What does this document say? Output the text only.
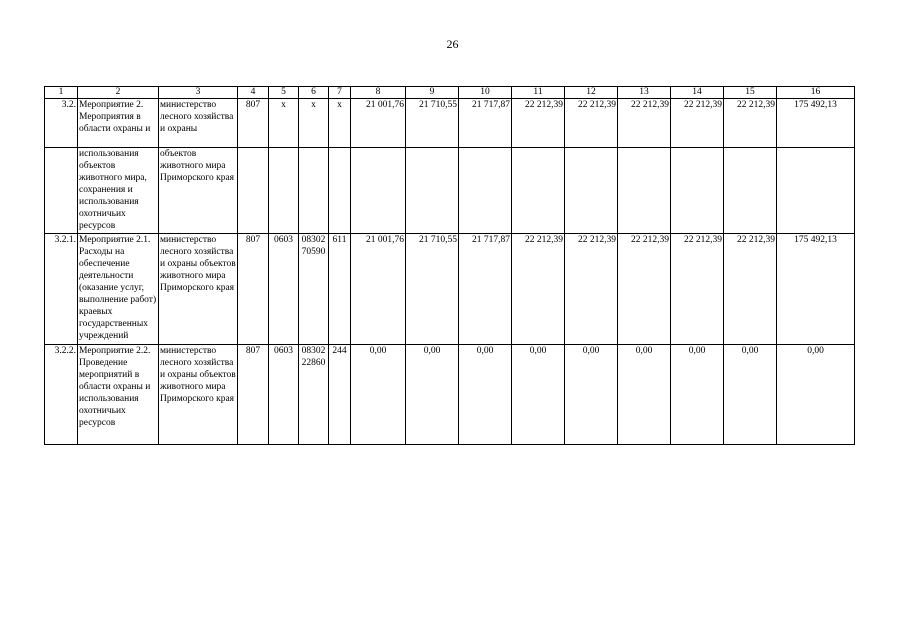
26
1	2	3	4	5	6	7	8	9	10	11	12	13	14	15	16
3.2.	Мероприятие 2. Мероприятия в области охраны и	министерство лесного хозяйства и охраны	807	х	х	х	21 001,76	21 710,55	21 717,87	22 212,39	22 212,39	22 212,39	22 212,39	22 212,39	175 492,13
	использования объектов животного мира, сохранения и использования охотничьих ресурсов	объектов животного мира Приморского края													
3.2.1.	Мероприятие 2.1. Расходы на обеспечение деятельности (оказание услуг, выполнение работ) краевых государственных учреждений	министерство лесного хозяйства и охраны объектов животного мира Приморского края	807	0603	08302 70590	611	21 001,76	21 710,55	21 717,87	22 212,39	22 212,39	22 212,39	22 212,39	22 212,39	175 492,13
3.2.2.	Мероприятие 2.2. Проведение мероприятий в области охраны и использования охотничьих ресурсов	министерство лесного хозяйства и охраны объектов животного мира Приморского края	807	0603	08302 22860	244	0,00	0,00	0,00	0,00	0,00	0,00	0,00	0,00	0,00
